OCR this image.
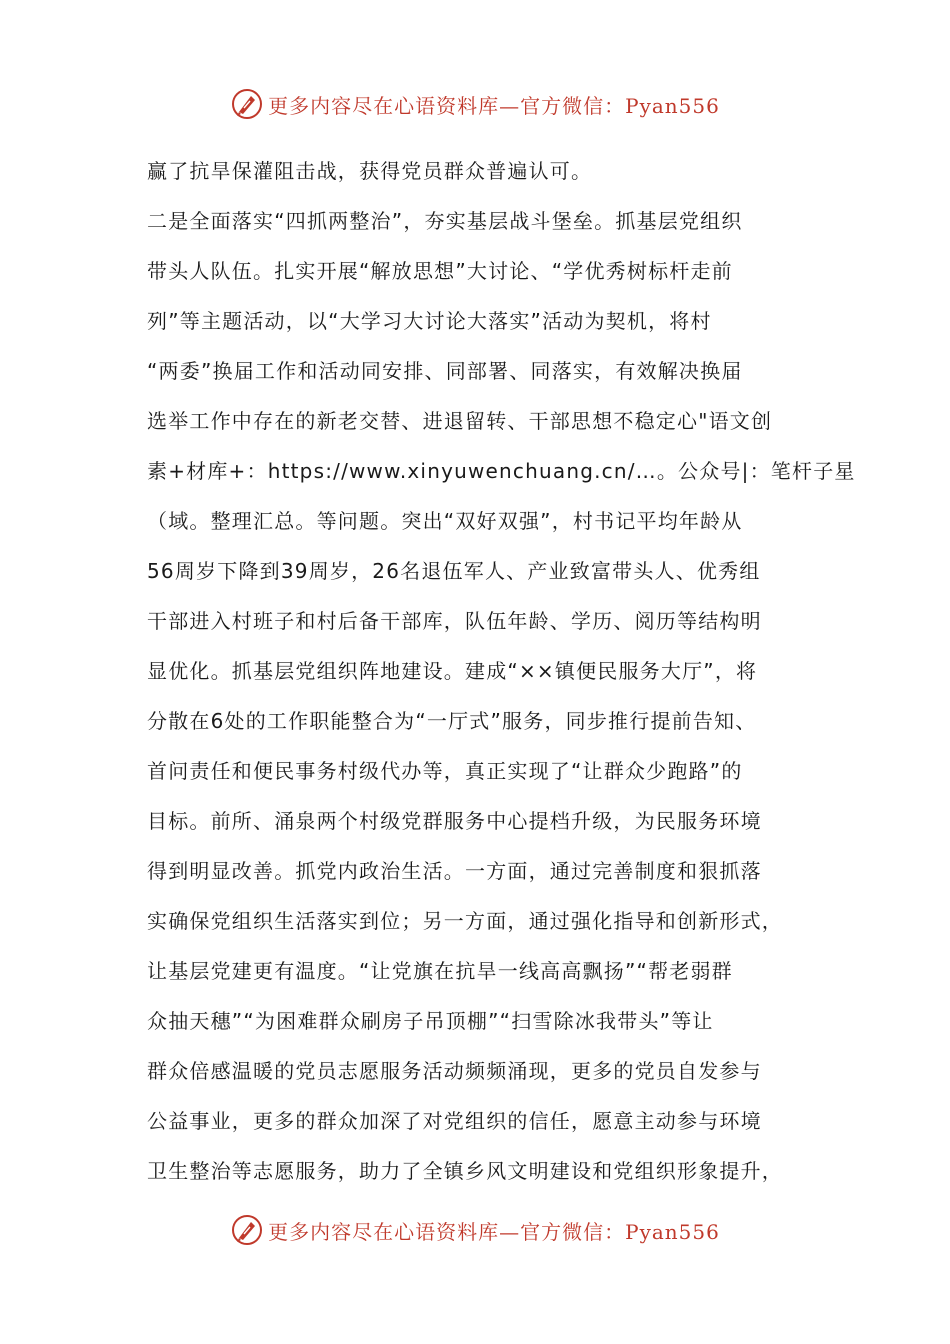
更多内容尽在心语资料库—官方微信：Pyan556
赢了抗旱保灌阻击战，获得党员群众普遍认可。
二是全面落实“四抓两整治”，夯实基层战斗堡垒。抓基层党组织
带头人队伍。扎实开展“解放思想”大讨论、“学优秀树标杆走前
列”等主题活动，以“大学习大讨论大落实”活动为契机，将村
“两委”换届工作和活动同安排、同部署、同落实，有效解决换届
选举工作中存在的新老交替、进退留转、干部思想不稳定心"语文创
素+材库+：https://www.xinyuwenchuang.cn/…。公众号|：笔杆子星
（域。整理汇总。等问题。突出“双好双强”，村书记平均年龄从
56周岁下降到39周岁，26名退伍军人、产业致富带头人、优秀组
干部进入村班子和村后备干部库，队伍年龄、学历、阅历等结构明
显优化。抓基层党组织阵地建设。建成“××镇便民服务大厅”，将
分散在6处的工作职能整合为“一厅式”服务，同步推行提前告知、
首问责任和便民事务村级代办等，真正实现了“让群众少跑路”的
目标。前所、涌泉两个村级党群服务中心提档升级，为民服务环境
得到明显改善。抓党内政治生活。一方面，通过完善制度和狠抓落
实确保党组织生活落实到位；另一方面，通过强化指导和创新形式，
让基层党建更有温度。“让党旗在抗旱一线高高飘扬”“帮老弱群
众抽天穗”“为困难群众刷房子吊顶棚”“扫雪除冰我带头”等让
群众倍感温暖的党员志愿服务活动频频涌现，更多的党员自发参与
公益事业，更多的群众加深了对党组织的信任，愿意主动参与环境
卫生整治等志愿服务，助力了全镇乡风文明建设和党组织形象提升，
更多内容尽在心语资料库—官方微信：Pyan556
